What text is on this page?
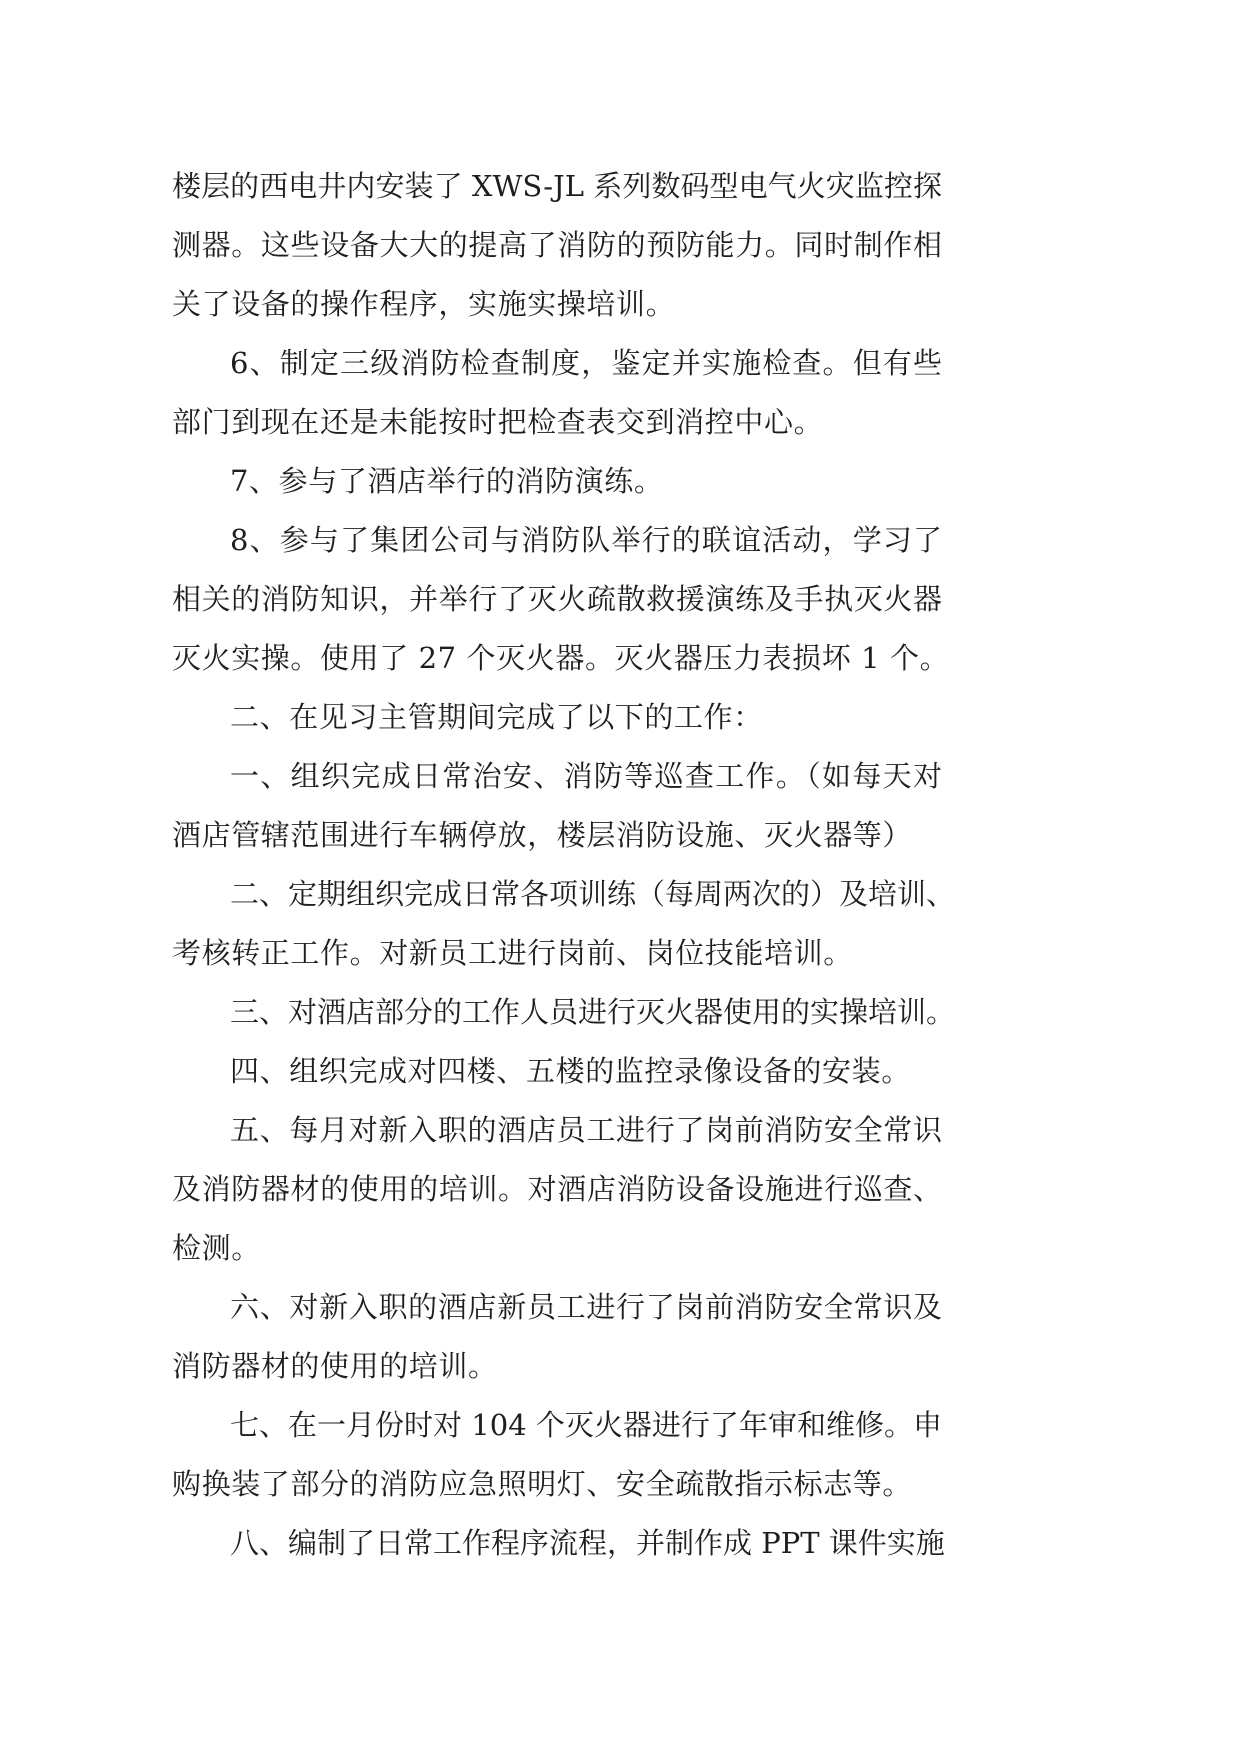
楼层的西电井内安装了 XWS-JL 系列数码型电气火灾监控探
测器。这些设备大大的提高了消防的预防能力。同时制作相
关了设备的操作程序，实施实操培训。
6、制定三级消防检查制度，鉴定并实施检查。但有些
部门到现在还是未能按时把检查表交到消控中心。
7、参与了酒店举行的消防演练。
8、参与了集团公司与消防队举行的联谊活动，学习了
相关的消防知识，并举行了灭火疏散救援演练及手执灭火器
灭火实操。使用了 27 个灭火器。灭火器压力表损坏 1 个。
二、在见习主管期间完成了以下的工作：
一、组织完成日常治安、消防等巡查工作。（如每天对
酒店管辖范围进行车辆停放，楼层消防设施、灭火器等）
二、定期组织完成日常各项训练（每周两次的）及培训、
考核转正工作。对新员工进行岗前、岗位技能培训。
三、对酒店部分的工作人员进行灭火器使用的实操培训。
四、组织完成对四楼、五楼的监控录像设备的安装。
五、每月对新入职的酒店员工进行了岗前消防安全常识
及消防器材的使用的培训。对酒店消防设备设施进行巡查、
检测。
六、对新入职的酒店新员工进行了岗前消防安全常识及
消防器材的使用的培训。
七、在一月份时对 104 个灭火器进行了年审和维修。申
购换装了部分的消防应急照明灯、安全疏散指示标志等。
八、编制了日常工作程序流程，并制作成 PPT 课件实施
